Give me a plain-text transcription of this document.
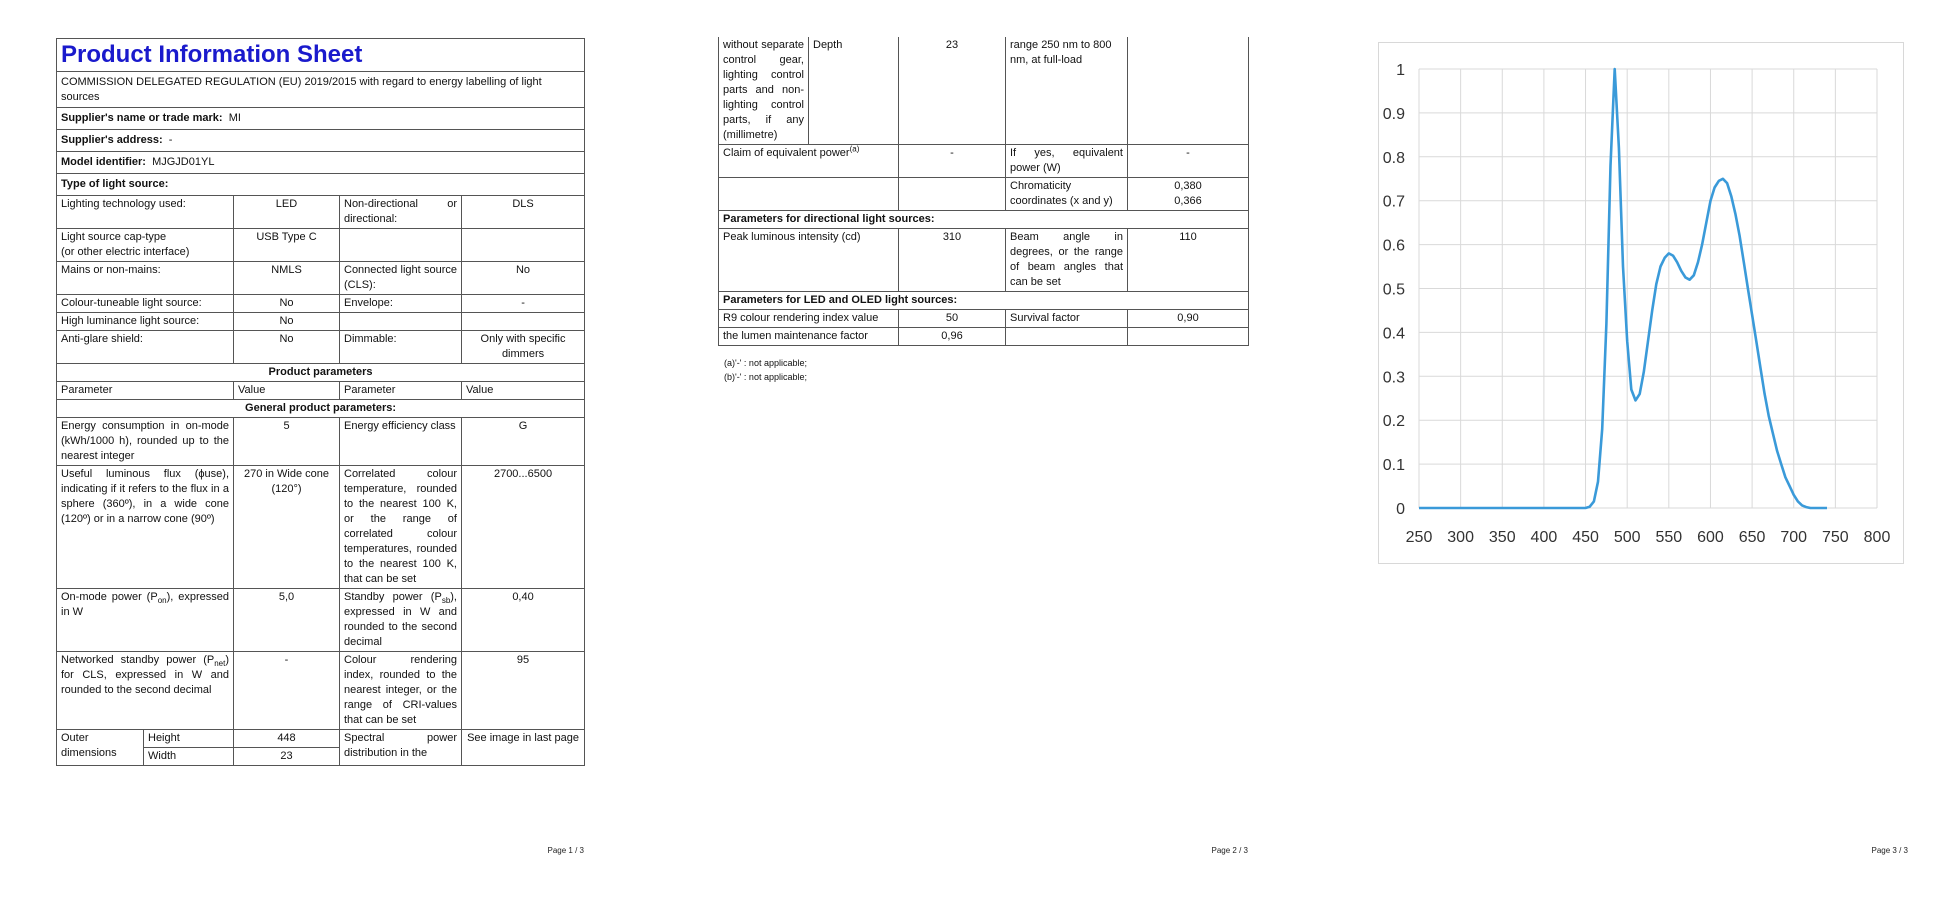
Product Information Sheet				
COMMISSION DELEGATED REGULATION (EU) 2019/2015 with regard to energy labelling of light sources				
Supplier's name or trade mark: MI				
Supplier's address: -				
Model identifier: MJGJD01YL				
Type of light source:				
Lighting technology used:		LED	Non-directional or directional:	DLS

Light source cap-type
(or other electric interface)		USB Type C		
Mains or non-mains:		NMLS	Connected light source (CLS):	No
Colour-tuneable light source:		No	Envelope:	-
High luminance light source:		No		
Anti-glare shield:		No	Dimmable:	Only with specific dimmers
Product parameters				
Parameter		Value	Parameter	Value
General product parameters:				
Energy consumption in on-mode (kWh/1000 h), rounded up to the nearest integer		5	Energy efficiency class	G
Useful luminous flux (ϕuse), indicating if it refers to the flux in a sphere (360º), in a wide cone (120º) or in a narrow cone (90º)		270 in Wide cone (120°)	Correlated colour temperature, rounded to the nearest 100 K, or the range of correlated colour temperatures, rounded to the nearest 100 K, that can be set	2700...6500
On-mode power $(P_{on})$, expressed in W		5,0	Standby power $(P_{sb})$, expressed in W and rounded to the second decimal	0,40
Networked standby power $(P_{net})$ for CLS, expressed in W and rounded to the second decimal		-	Colour rendering index, rounded to the nearest integer, or the range of CRI-values that can be set	95
Outer dimensions	Height	448	Spectral power distribution in the	See image in last page
	Width	23		
Page 1 / 3
without separate control gear, lighting control parts and non-lighting control parts, if any (millimetre)	Depth	23	range 250 nm to 800 nm, at full-load	
Claim of equivalent power$^{(a)}$		-	If yes, equivalent power (W)	-
			Chromaticity coordinates (x and y)	0,380
0,366

Parameters for directional light sources:				
Peak luminous intensity (cd)		310	Beam angle in degrees, or the range of beam angles that can be set	110
Parameters for LED and OLED light sources:				
R9 colour rendering index value		50	Survival factor	0,90
the lumen maintenance factor		0,96		
(a)'-' : not applicable;
(b)'-' : not applicable;
Page 2 / 3
250 300 350 400 450 500 550 600 650 700 750 800
0
0.1
0.2
0.3
0.4
0.5
0.6
0.7
0.8
0.9
1
Page 3 / 3
